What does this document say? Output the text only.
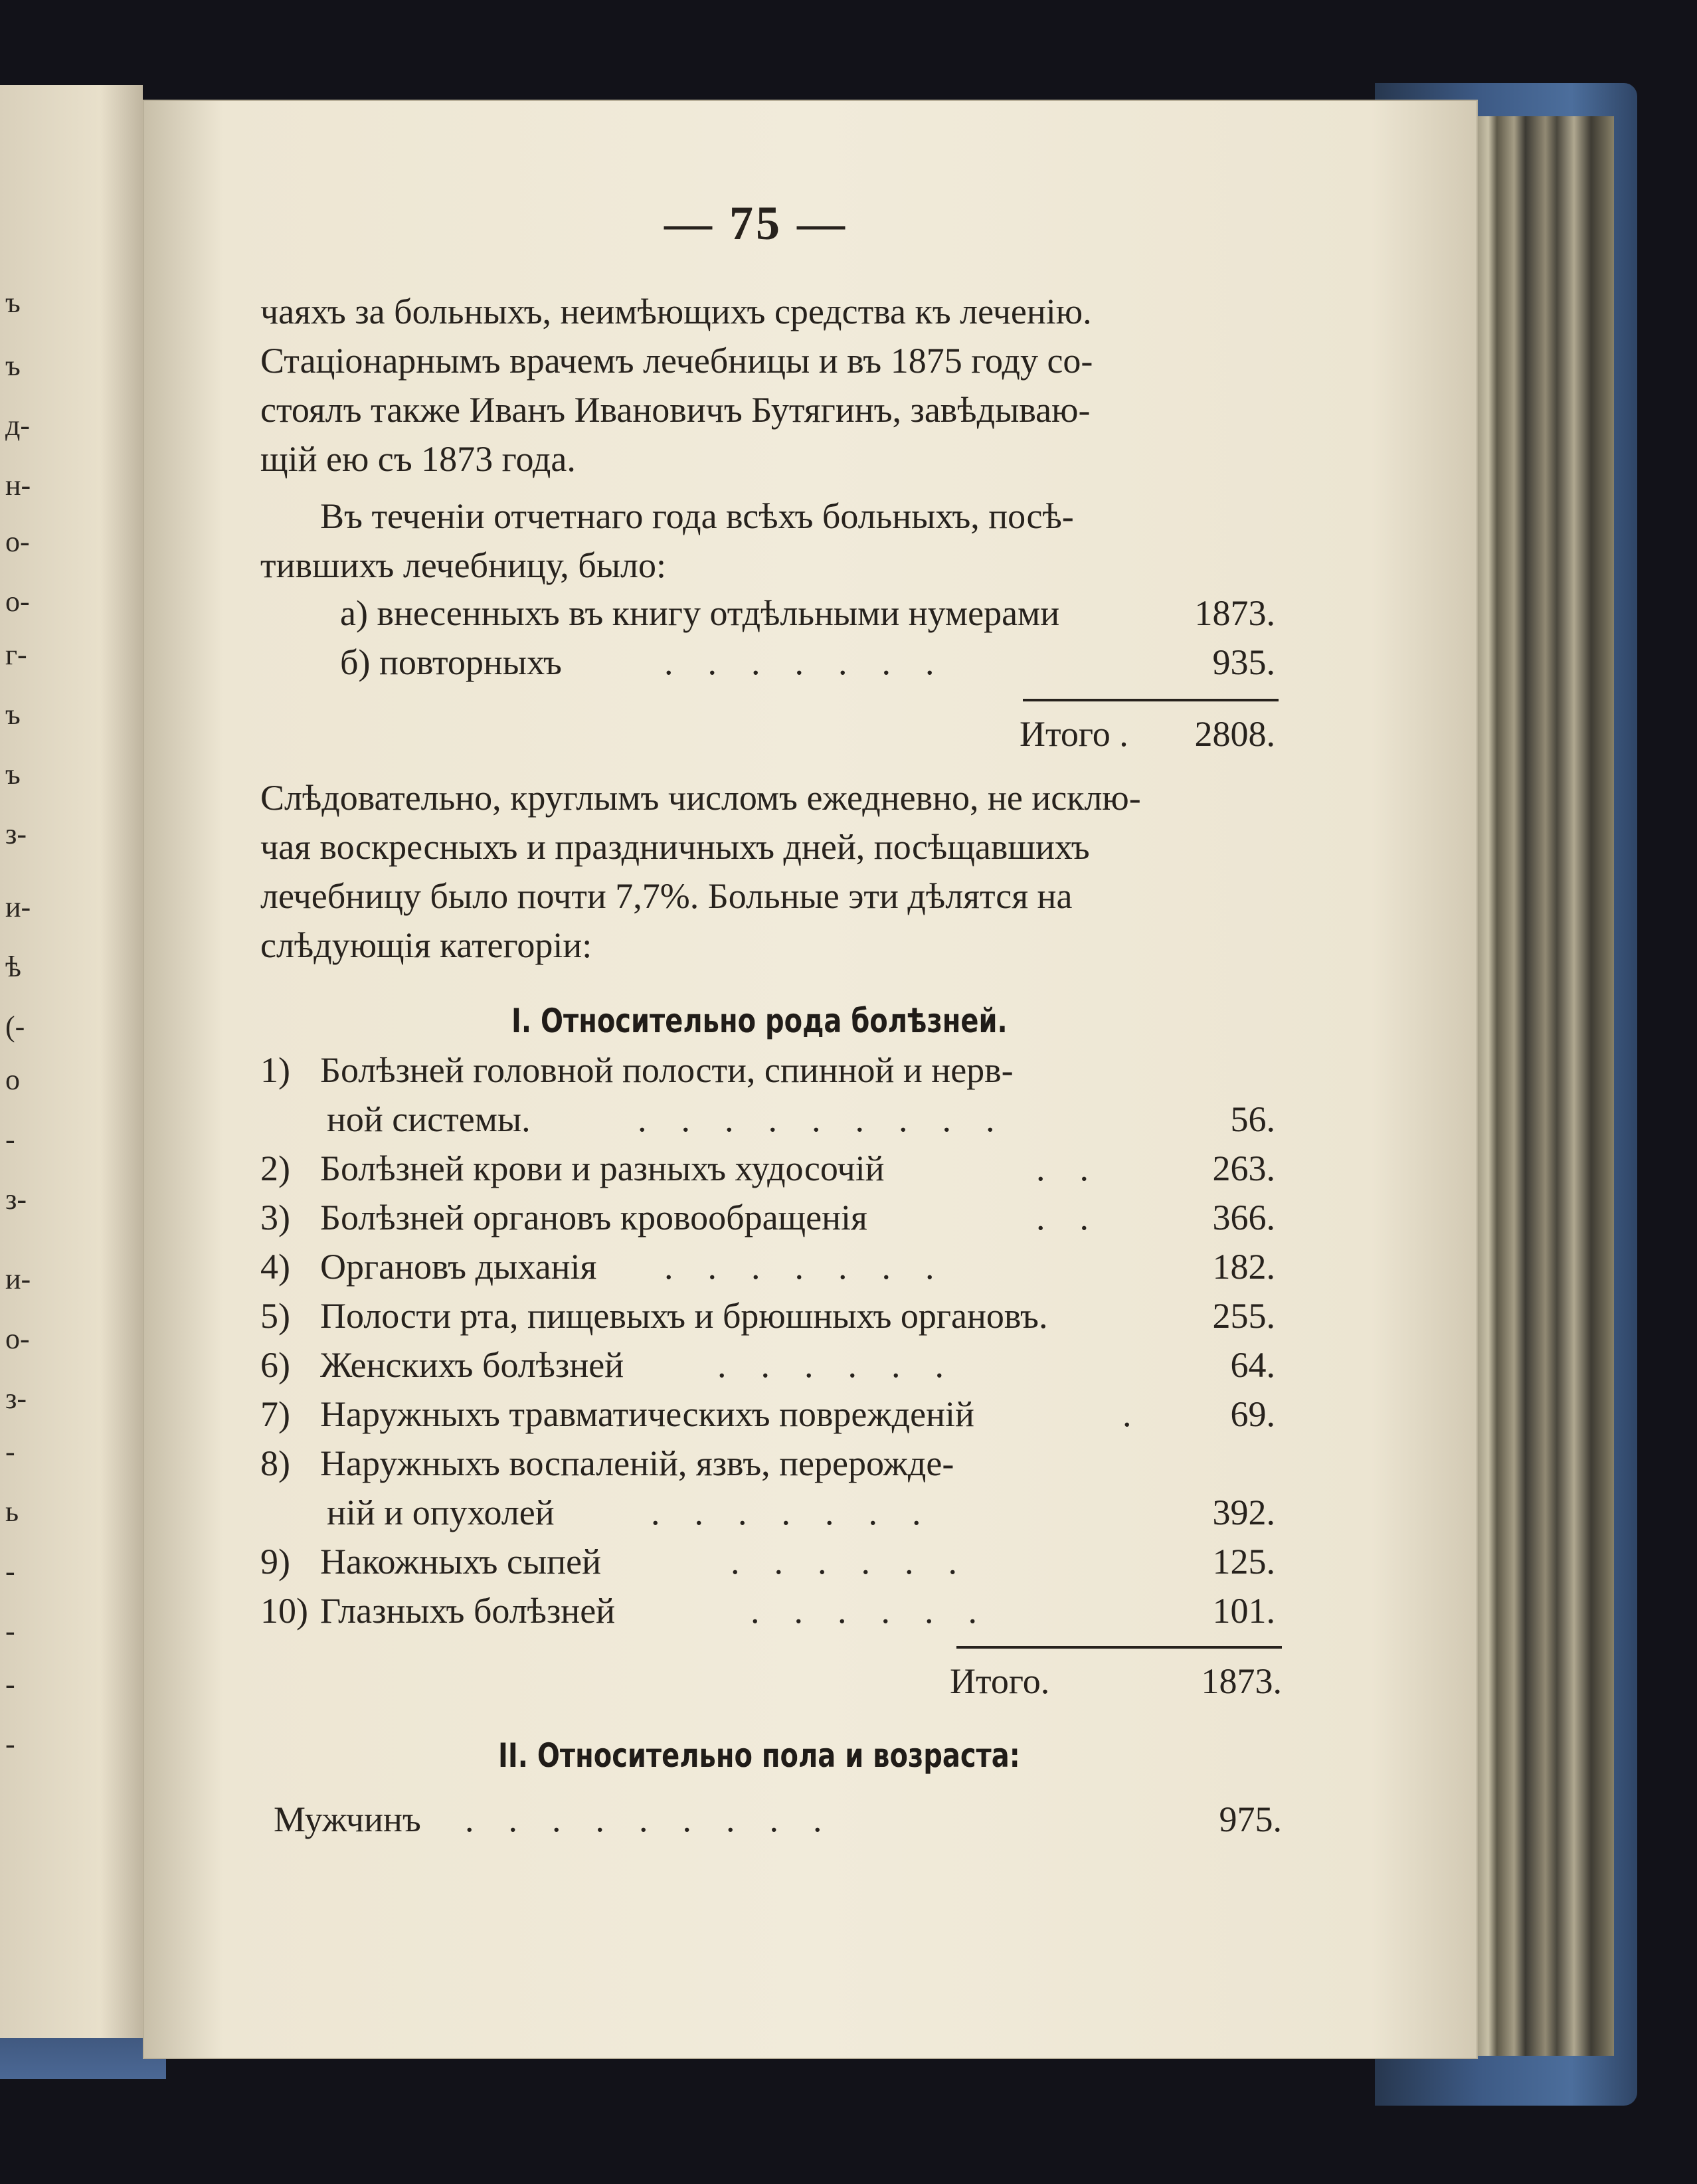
ъ
ъ
д-
н-
о-
о-
г-
ъ
ъ
з-
и-
ѣ
(-
о
-
з-
и-
о-
з-
-
ь
-
-
-
-
— 75 —
чаяхъ за больныхъ, неимѣющихъ средства къ леченію.
Стаціонарнымъ врачемъ лечебницы и въ 1875 году со-
стоялъ также Иванъ Ивановичъ Бутягинъ, завѣдываю-
щій ею съ 1873 года.
Въ теченіи отчетнаго года всѣхъ больныхъ, посѣ-
тившихъ лечебницу, было:
а) внесенныхъ въ книгу отдѣльными нумерами	1873.
б) повторныхъ	.......	935.
Итого .	2808.
Слѣдовательно, круглымъ числомъ ежедневно, не исклю-
чая воскресныхъ и праздничныхъ дней, посѣщавшихъ
лечебницу было почти 7,7%. Больные эти дѣлятся на
слѣдующія категоріи:
I. Относительно рода болѣзней.
1) Болѣзней головной полости, спинной и нерв-
ной системы.	.........	56.
2) Болѣзней крови и разныхъ худосочій	..	263.
3) Болѣзней органовъ кровообращенія	..	366.
4) Органовъ дыханія .......	182.
5) Полости рта, пищевыхъ и брюшныхъ органовъ.	255.
6) Женскихъ болѣзней	......	64.
7) Наружныхъ травматическихъ поврежденій	.	69.
8) Наружныхъ воспаленій, язвъ, перерожде-
ній и опухолей	.......	392.
9) Накожныхъ сыпей	......	125.
10) Глазныхъ болѣзней	......	101.
Итого.	1873.
II. Относительно пола и возраста:
Мужчинъ .........	975.
